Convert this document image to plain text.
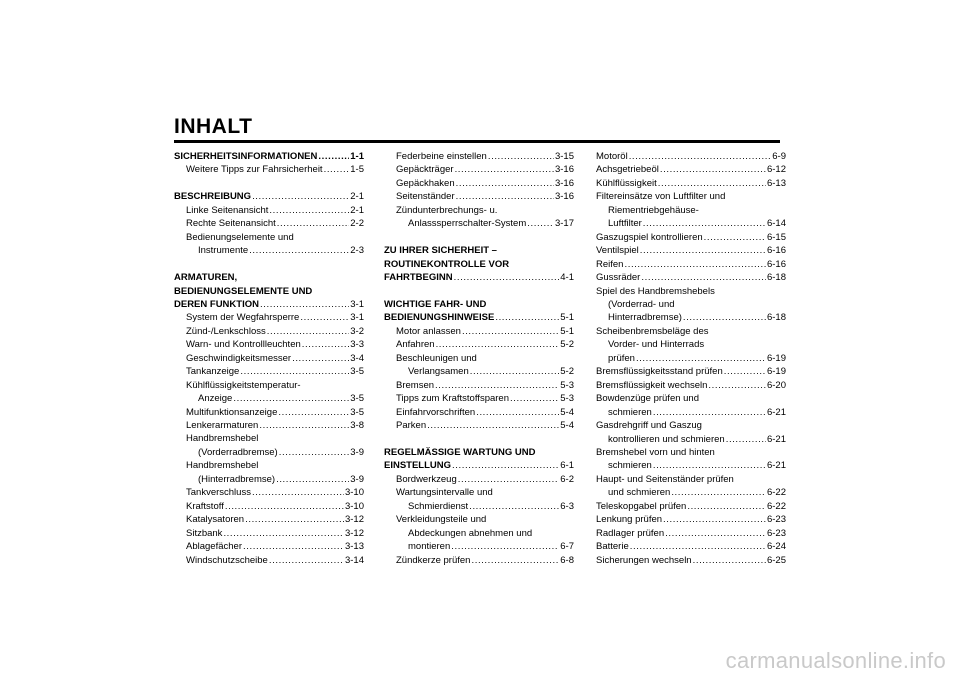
INHALT
SICHERHEITSINFORMATIONEN .....	1-1
Weitere Tipps zur Fahrsicherheit .....	1-5
BESCHREIBUNG .....	2-1
Linke Seitenansicht .....	2-1
Rechte Seitenansicht .....	2-2
Bedienungselemente und
Instrumente .....	2-3
ARMATUREN,
BEDIENUNGSELEMENTE UND
DEREN FUNKTION .....	3-1
System der Wegfahrsperre .....	3-1
Zünd-/Lenkschloss .....	3-2
Warn- und Kontrollleuchten .....	3-3
Geschwindigkeitsmesser .....	3-4
Tankanzeige .....	3-5
Kühlflüssigkeitstemperatur-
Anzeige .....	3-5
Multifunktionsanzeige .....	3-5
Lenkerarmaturen .....	3-8
Handbremshebel
(Vorderradbremse) .....	3-9
Handbremshebel
(Hinterradbremse) .....	3-9
Tankverschluss .....	3-10
Kraftstoff .....	3-10
Katalysatoren .....	3-12
Sitzbank .....	3-12
Ablagefächer .....	3-13
Windschutzscheibe .....	3-14
Federbeine einstellen .....	3-15
Gepäckträger .....	3-16
Gepäckhaken .....	3-16
Seitenständer .....	3-16
Zündunterbrechungs- u.
Anlasssperrschalter-System .....	3-17
ZU IHRER SICHERHEIT –
ROUTINEKONTROLLE VOR
FAHRTBEGINN .....	4-1
WICHTIGE FAHR- UND
BEDIENUNGSHINWEISE .....	5-1
Motor anlassen .....	5-1
Anfahren .....	5-2
Beschleunigen und
Verlangsamen .....	5-2
Bremsen .....	5-3
Tipps zum Kraftstoffsparen .....	5-3
Einfahrvorschriften .....	5-4
Parken .....	5-4
REGELMÄSSIGE WARTUNG UND
EINSTELLUNG .....	6-1
Bordwerkzeug .....	6-2
Wartungsintervalle und
Schmierdienst .....	6-3
Verkleidungsteile und
Abdeckungen abnehmen und
montieren .....	6-7
Zündkerze prüfen .....	6-8
Motoröl .....	6-9
Achsgetriebeöl .....	6-12
Kühlflüssigkeit .....	6-13
Filtereinsätze von Luftfilter und
Riementriebgehäuse-
Luftfilter .....	6-14
Gaszugspiel kontrollieren .....	6-15
Ventilspiel .....	6-16
Reifen .....	6-16
Gussräder .....	6-18
Spiel des Handbremshebels
(Vorderrad- und
Hinterradbremse) .....	6-18
Scheibenbremsbeläge des
Vorder- und Hinterrads
prüfen .....	6-19
Bremsflüssigkeitsstand prüfen .....	6-19
Bremsflüssigkeit wechseln .....	6-20
Bowdenzüge prüfen und
schmieren .....	6-21
Gasdrehgriff und Gaszug
kontrollieren und schmieren .....	6-21
Bremshebel vorn und hinten
schmieren .....	6-21
Haupt- und Seitenständer prüfen
und schmieren .....	6-22
Teleskopgabel prüfen .....	6-22
Lenkung prüfen .....	6-23
Radlager prüfen .....	6-23
Batterie .....	6-24
Sicherungen wechseln .....	6-25
carmanualsonline.info
